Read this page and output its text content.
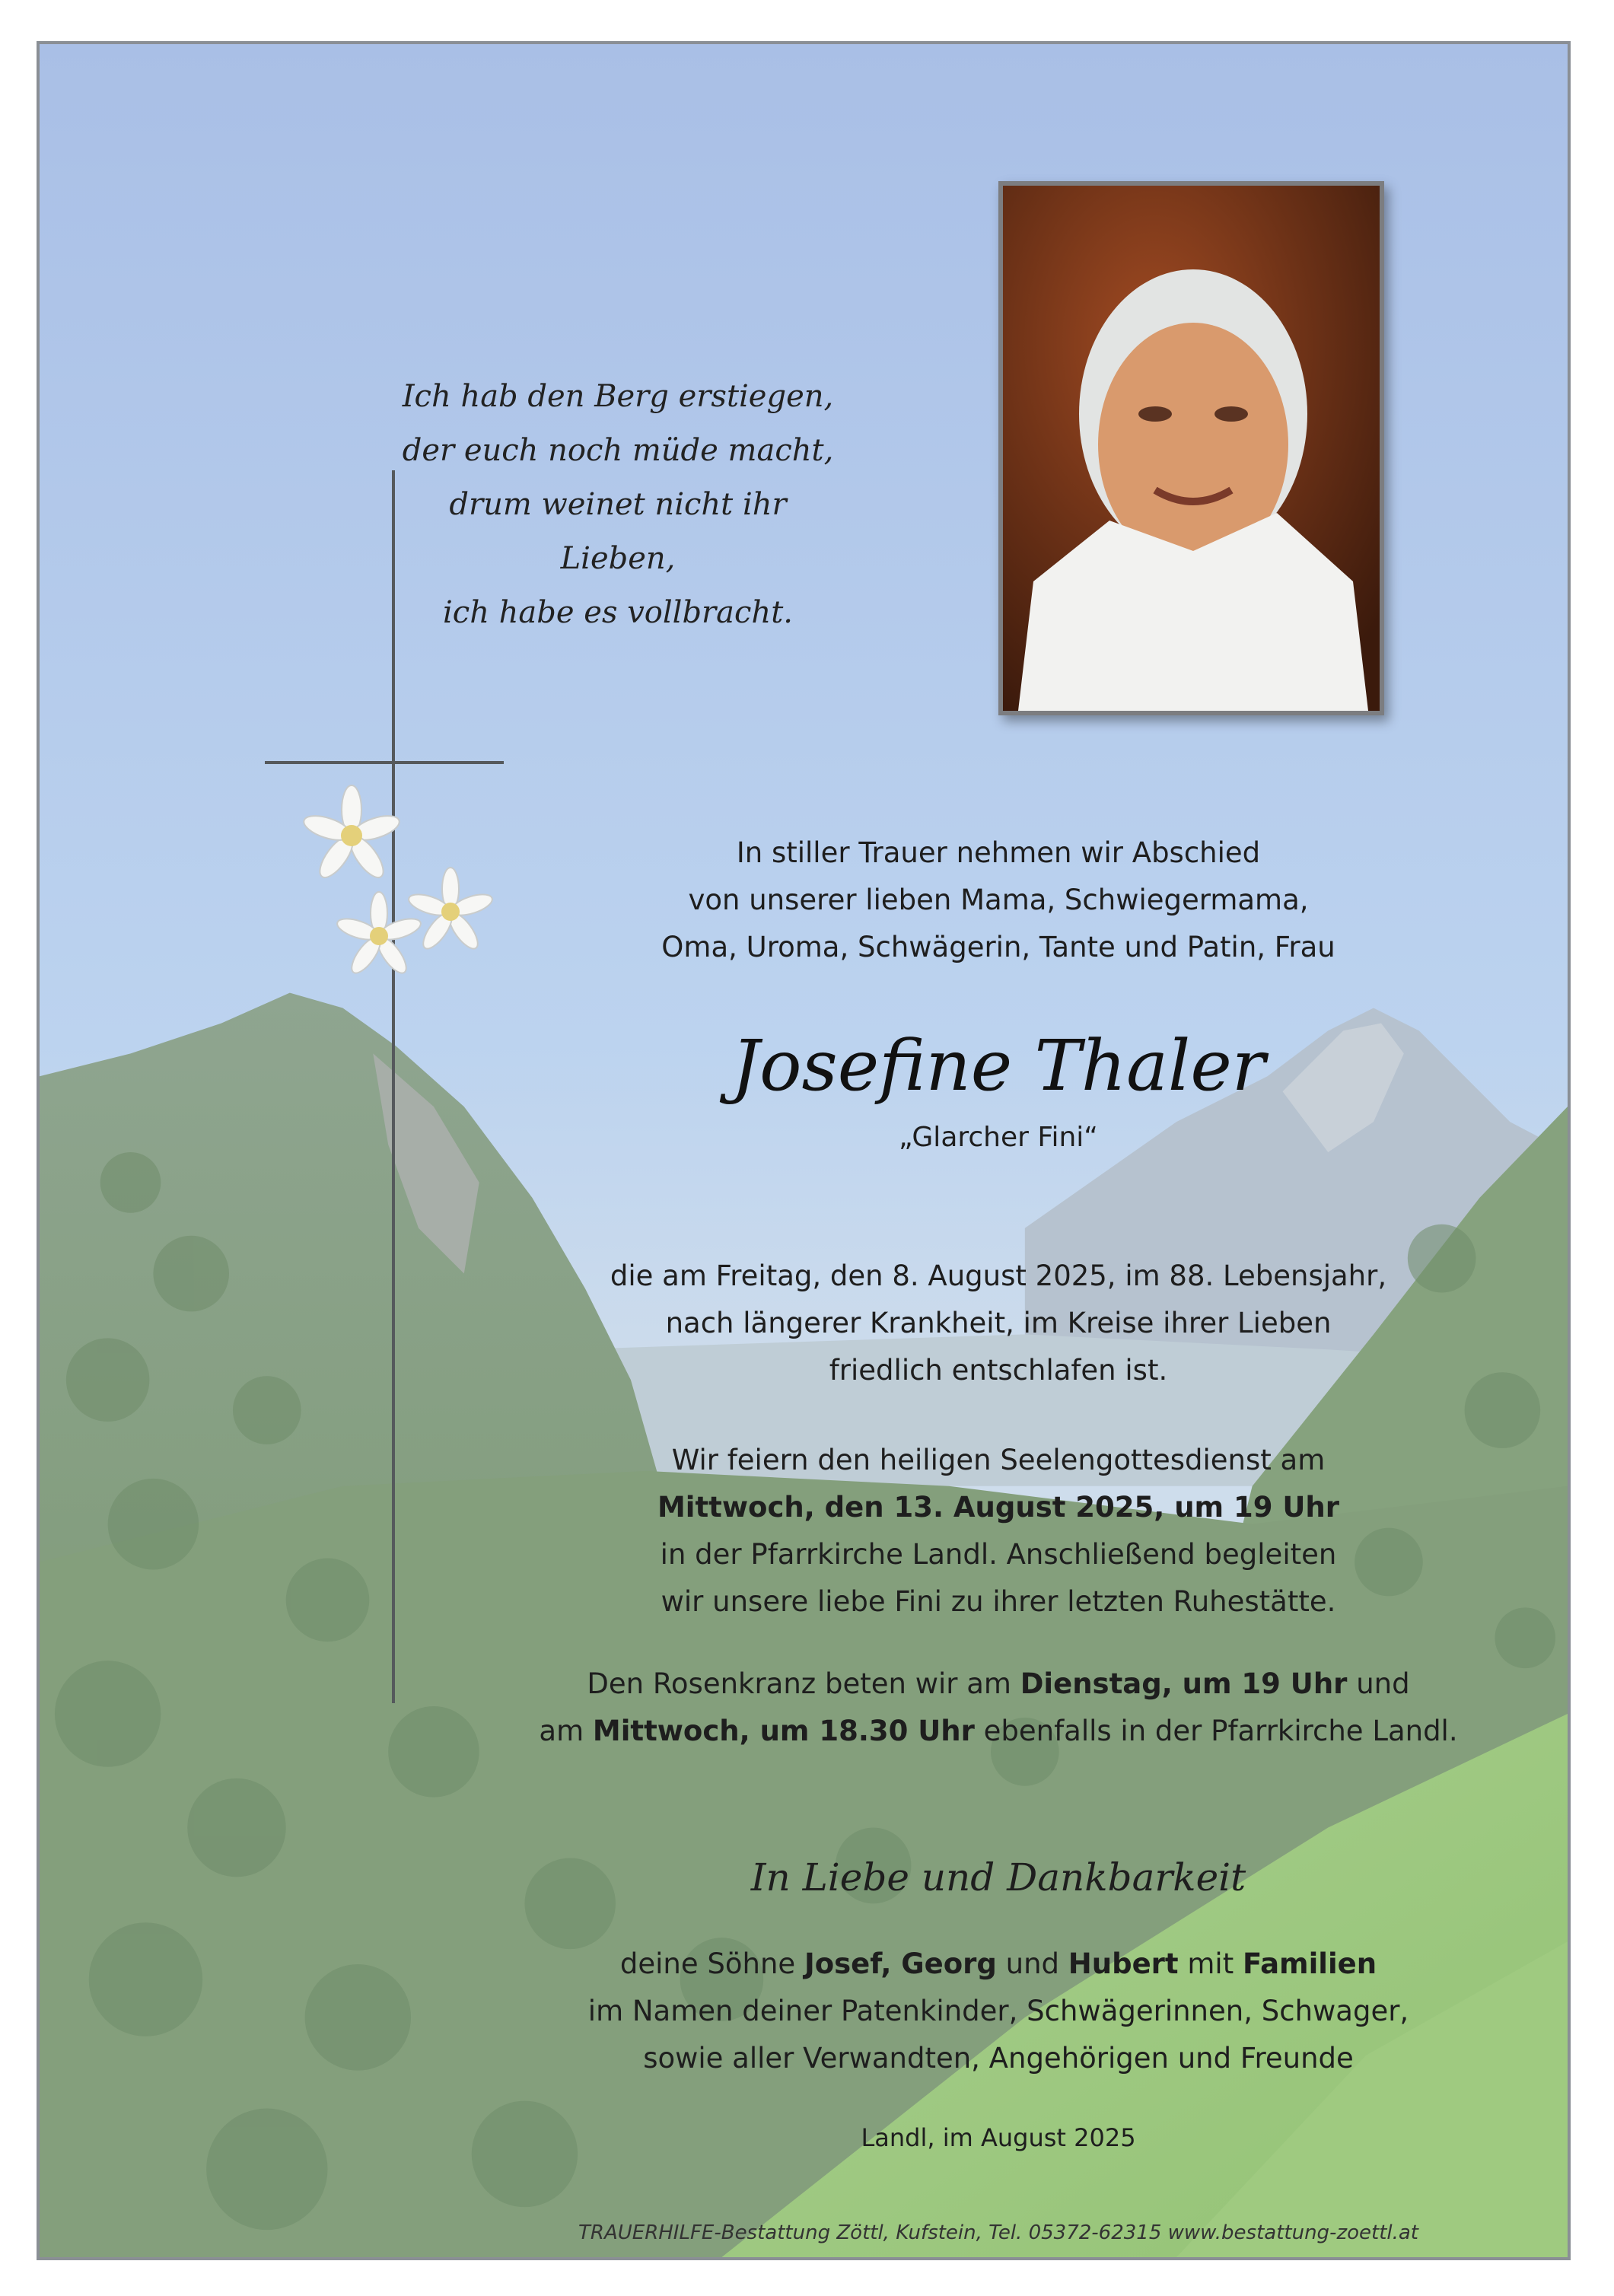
Ich hab den Berg erstiegen,
der euch noch müde macht,
drum weinet nicht ihr Lieben,
ich habe es vollbracht.
In stiller Trauer nehmen wir Abschied
von unserer lieben Mama, Schwiegermama,
Oma, Uroma, Schwägerin, Tante und Patin, Frau
Josefine Thaler
„Glarcher Fini“
die am Freitag, den 8. August 2025, im 88. Lebensjahr,
nach längerer Krankheit, im Kreise ihrer Lieben
friedlich entschlafen ist.
Wir feiern den heiligen Seelengottesdienst am
Mittwoch, den 13. August 2025, um 19 Uhr
in der Pfarrkirche Landl. Anschließend begleiten
wir unsere liebe Fini zu ihrer letzten Ruhestätte.
Den Rosenkranz beten wir am Dienstag, um 19 Uhr und
am Mittwoch, um 18.30 Uhr ebenfalls in der Pfarrkirche Landl.
In Liebe und Dankbarkeit
deine Söhne Josef, Georg und Hubert mit Familien
im Namen deiner Patenkinder, Schwägerinnen, Schwager,
sowie aller Verwandten, Angehörigen und Freunde
Landl, im August 2025
TRAUERHILFE-Bestattung Zöttl, Kufstein, Tel. 05372-62315 www.bestattung-zoettl.at
